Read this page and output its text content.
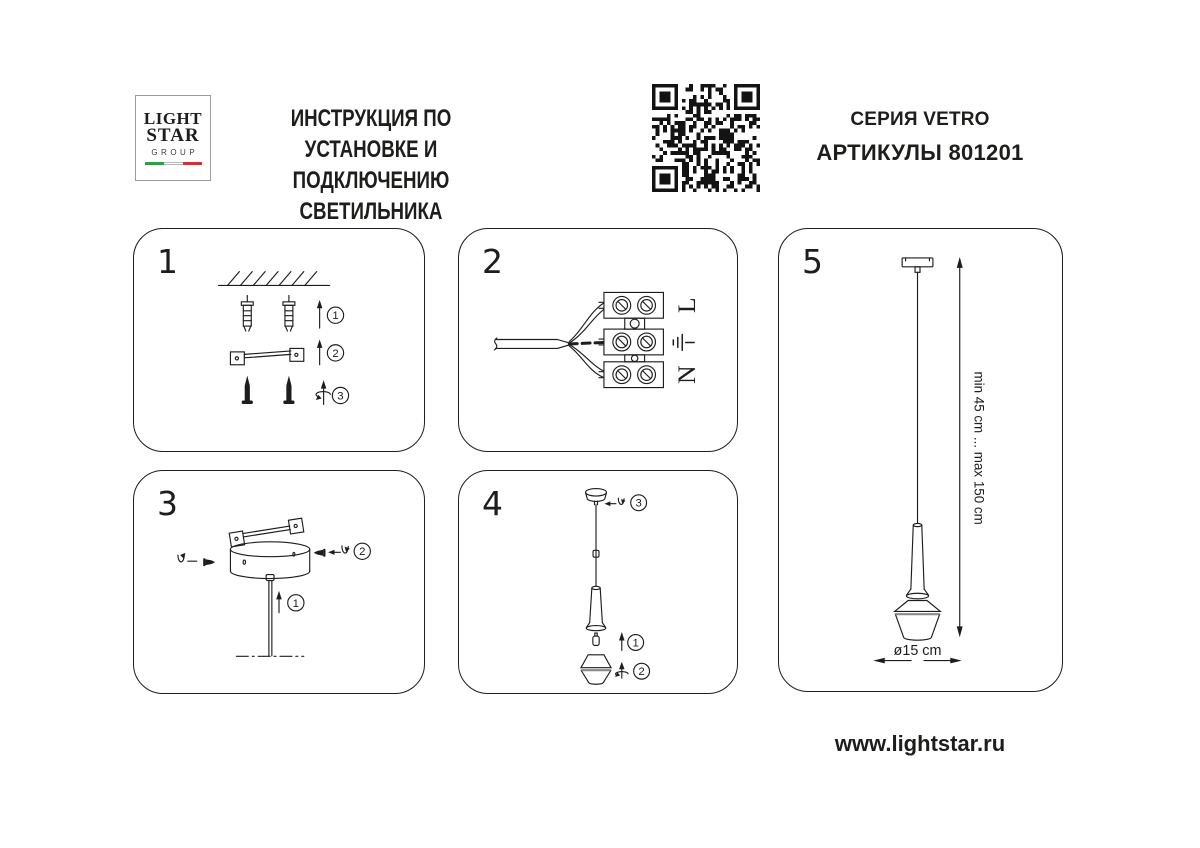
LIGHT
STAR
GROUP
ИНСТРУКЦИЯ ПО УСТАНОВКЕ И
ПОДКЛЮЧЕНИЮ СВЕТИЛЬНИКА
СЕРИЯ VETRO
АРТИКУЛЫ 801201
1
1
2
3
2
L
N
3
2
1
4	3
1
2
5
min 45 cm ... max 150 cm
ø15 cm
www.lightstar.ru
